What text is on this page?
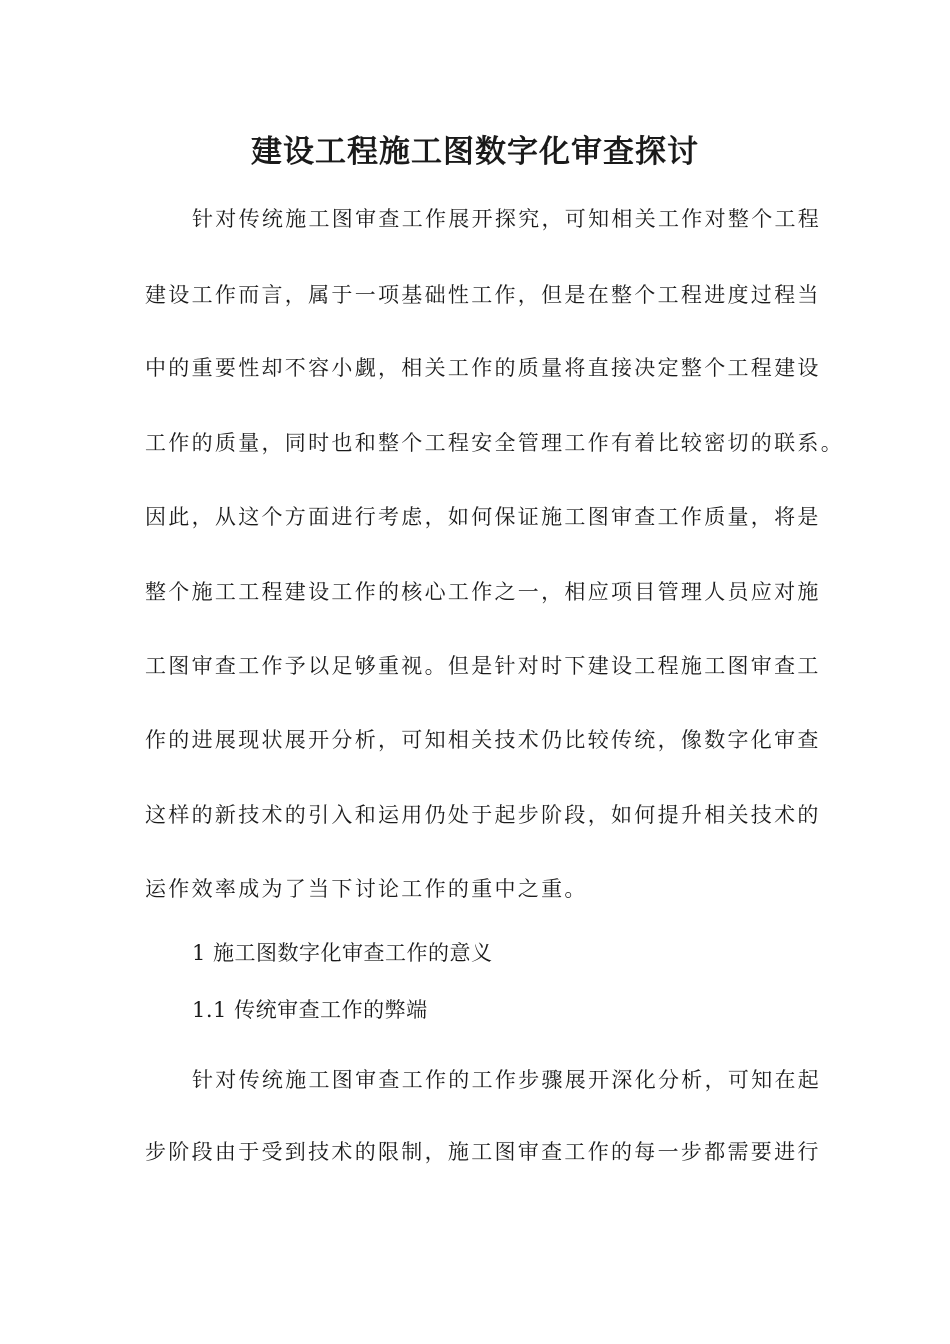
建设工程施工图数字化审查探讨

针对传统施工图审查工作展开探究，可知相关工作对整个工程

建设工作而言，属于一项基础性工作，但是在整个工程进度过程当

中的重要性却不容小觑，相关工作的质量将直接决定整个工程建设

工作的质量，同时也和整个工程安全管理工作有着比较密切的联系。

因此，从这个方面进行考虑，如何保证施工图审查工作质量，将是

整个施工工程建设工作的核心工作之一，相应项目管理人员应对施

工图审查工作予以足够重视。但是针对时下建设工程施工图审查工

作的进展现状展开分析，可知相关技术仍比较传统，像数字化审查

这样的新技术的引入和运用仍处于起步阶段，如何提升相关技术的

运作效率成为了当下讨论工作的重中之重。

1 施工图数字化审查工作的意义

1.1 传统审查工作的弊端

针对传统施工图审查工作的工作步骤展开深化分析，可知在起

步阶段由于受到技术的限制，施工图审查工作的每一步都需要进行
